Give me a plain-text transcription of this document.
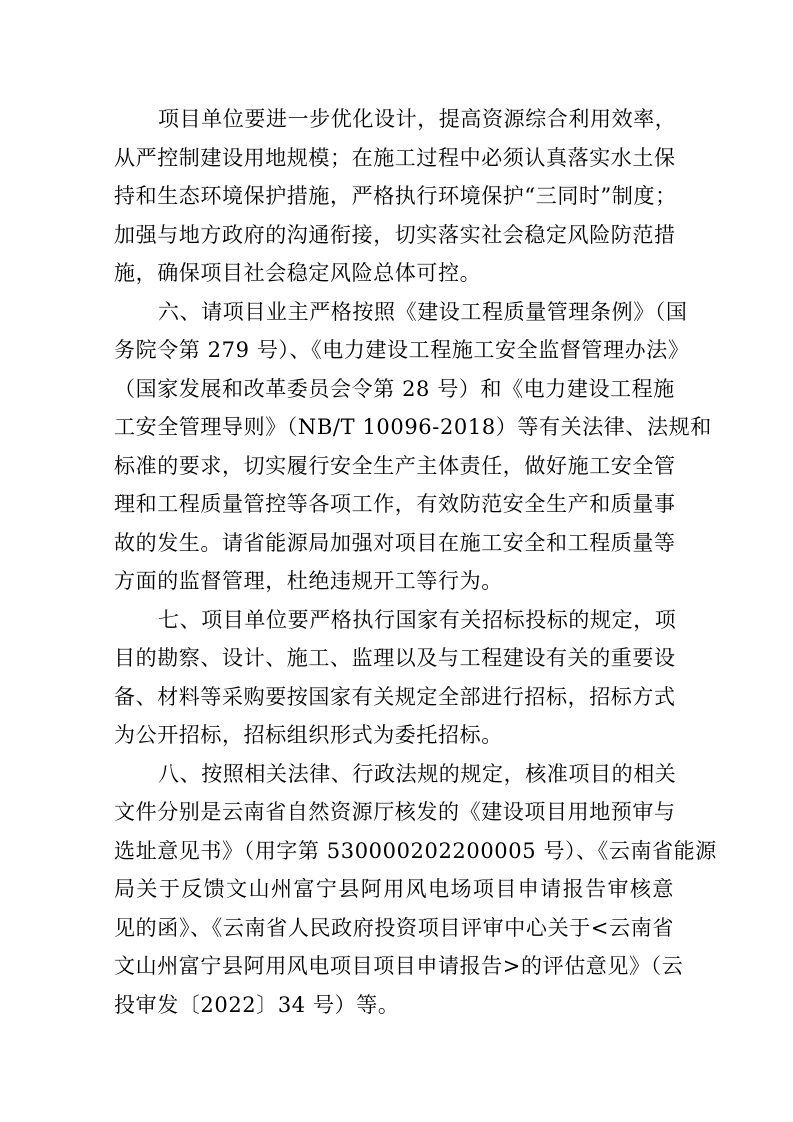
项目单位要进一步优化设计，提高资源综合利用效率，
从严控制建设用地规模；在施工过程中必须认真落实水土保
持和生态环境保护措施，严格执行环境保护“三同时”制度；
加强与地方政府的沟通衔接，切实落实社会稳定风险防范措
施，确保项目社会稳定风险总体可控。
六、请项目业主严格按照《建设工程质量管理条例》（国
务院令第 279 号）、《电力建设工程施工安全监督管理办法》
（国家发展和改革委员会令第 28 号）和《电力建设工程施
工安全管理导则》（NB/T 10096-2018）等有关法律、法规和
标准的要求，切实履行安全生产主体责任，做好施工安全管
理和工程质量管控等各项工作，有效防范安全生产和质量事
故的发生。请省能源局加强对项目在施工安全和工程质量等
方面的监督管理，杜绝违规开工等行为。
七、项目单位要严格执行国家有关招标投标的规定，项
目的勘察、设计、施工、监理以及与工程建设有关的重要设
备、材料等采购要按国家有关规定全部进行招标，招标方式
为公开招标，招标组织形式为委托招标。
八、按照相关法律、行政法规的规定，核准项目的相关
文件分别是云南省自然资源厅核发的《建设项目用地预审与
选址意见书》（用字第 530000202200005 号）、《云南省能源
局关于反馈文山州富宁县阿用风电场项目申请报告审核意
见的函》、《云南省人民政府投资项目评审中心关于<云南省
文山州富宁县阿用风电项目项目申请报告>的评估意见》（云
投审发〔2022〕34 号）等。
